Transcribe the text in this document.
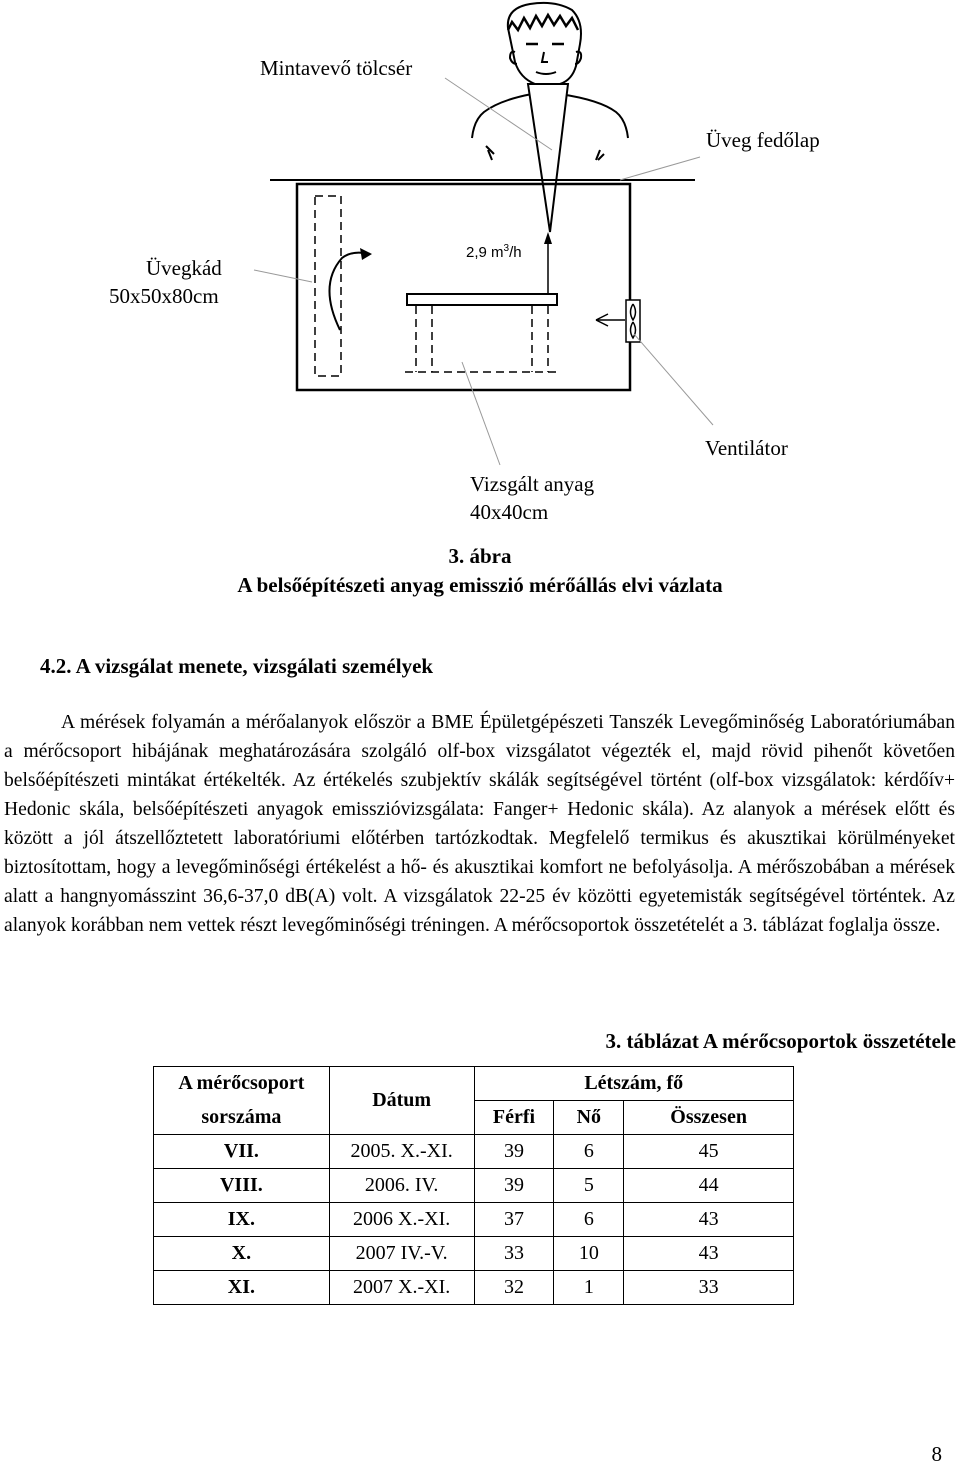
Mintavevő tölcsér
Üveg fedőlap
Üvegkád
50x50x80cm
2,9 $m^3/h$
Ventilátor
Vizsgált anyag
40x40cm
3. ábra
A belsőépítészeti anyag emisszió mérőállás elvi vázlata
4.2. A vizsgálat menete, vizsgálati személyek
A mérések folyamán a mérőalanyok először a BME Épületgépészeti Tanszék Levegőminőség Laboratóriumában a mérőcsoport hibájának meghatározására szolgáló olf-box vizsgálatot végezték el, majd rövid pihenőt követően belsőépítészeti mintákat értékelték. Az értékelés szubjektív skálák segítségével történt (olf-box vizsgálatok: kérdőív+ Hedonic skála, belsőépítészeti anyagok emisszióvizsgálata: Fanger+ Hedonic skála). Az alanyok a mérések előtt és között a jól átszellőztetett laboratóriumi előtérben tartózkodtak. Megfelelő termikus és akusztikai körülményeket biztosítottam, hogy a levegőminőségi értékelést a hő- és akusztikai komfort ne befolyásolja. A mérőszobában a mérések alatt a hangnyomásszint 36,6-37,0 dB(A) volt. A vizsgálatok 22-25 év közötti egyetemisták segítségével történtek. Az alanyok korábban nem vettek részt levegőminőségi tréningen. A mérőcsoportok összetételét a 3. táblázat foglalja össze.
3. táblázat A mérőcsoportok összetétele
A mérőcsoport	Dátum	Létszám, fő		
sorszáma		Férfi	Nő	Összesen
VII.	2005. X.-XI.	39	6	45
VIII.	2006. IV.	39	5	44
IX.	2006 X.-XI.	37	6	43
X.	2007 IV.-V.	33	10	43
XI.	2007 X.-XI.	32	1	33
8
